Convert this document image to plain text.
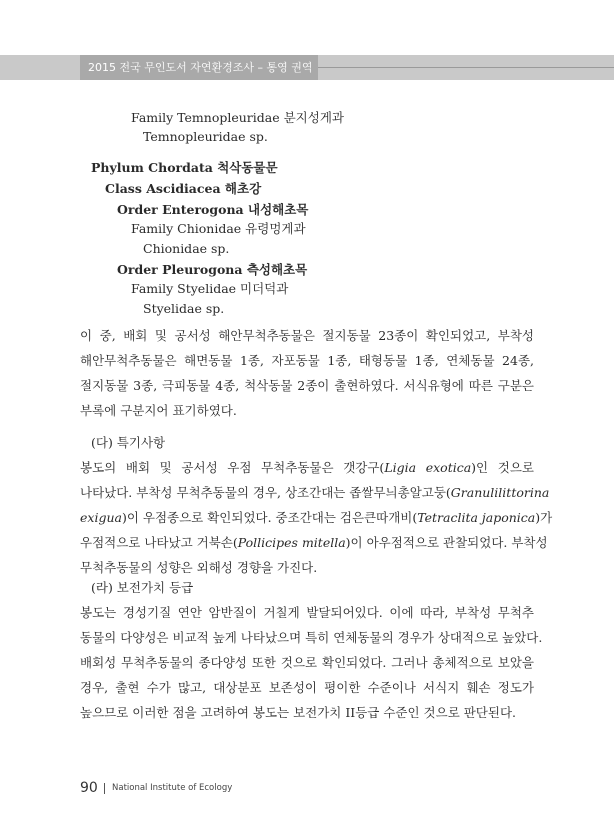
2015 전국 무인도서 자연환경조사 – 통영 권역
Family Temnopleuridae 분지성게과
Temnopleuridae sp.
Phylum Chordata 척삭동물문
Class Ascidiacea 해초강
Order Enterogona 내성해초목
Family Chionidae 유령멍게과
Chionidae sp.
Order Pleurogona 측성해초목
Family Styelidae 미더덕과
Styelidae sp.
이 중, 배회 및 공서성 해안무척추동물은 절지동물 23종이 확인되었고, 부착성
해안무척추동물은 해면동물 1종, 자포동물 1종, 태형동물 1종, 연체동물 24종,
절지동물 3종, 극피동물 4종, 척삭동물 2종이 출현하였다. 서식유형에 따른 구분은
부록에 구분지어 표기하였다.
(다) 특기사항
봉도의 배회 및 공서성 우점 무척추동물은 갯강구(Ligia exotica)인 것으로
나타났다. 부착성 무척추동물의 경우, 상조간대는 좁쌀무늬총알고둥(Granulilittorina
exigua)이 우점종으로 확인되었다. 중조간대는 검은큰따개비(Tetraclita japonica)가
우점적으로 나타났고 거북손(Pollicipes mitella)이 아우점적으로 관찰되었다. 부착성
무척추동물의 성향은 외해성 경향을 가진다.
(라) 보전가치 등급
봉도는 경성기질 연안 암반질이 거칠게 발달되어있다. 이에 따라, 부착성 무척추
동물의 다양성은 비교적 높게 나타났으며 특히 연체동물의 경우가 상대적으로 높았다.
배회성 무척추동물의 종다양성 또한 것으로 확인되었다. 그러나 총체적으로 보았을
경우, 출현 수가 많고, 대상분포 보존성이 평이한 수준이나 서식지 훼손 정도가
높으므로 이러한 점을 고려하여 봉도는 보전가치 II등급 수준인 것으로 판단된다.
90 National Institute of Ecology
